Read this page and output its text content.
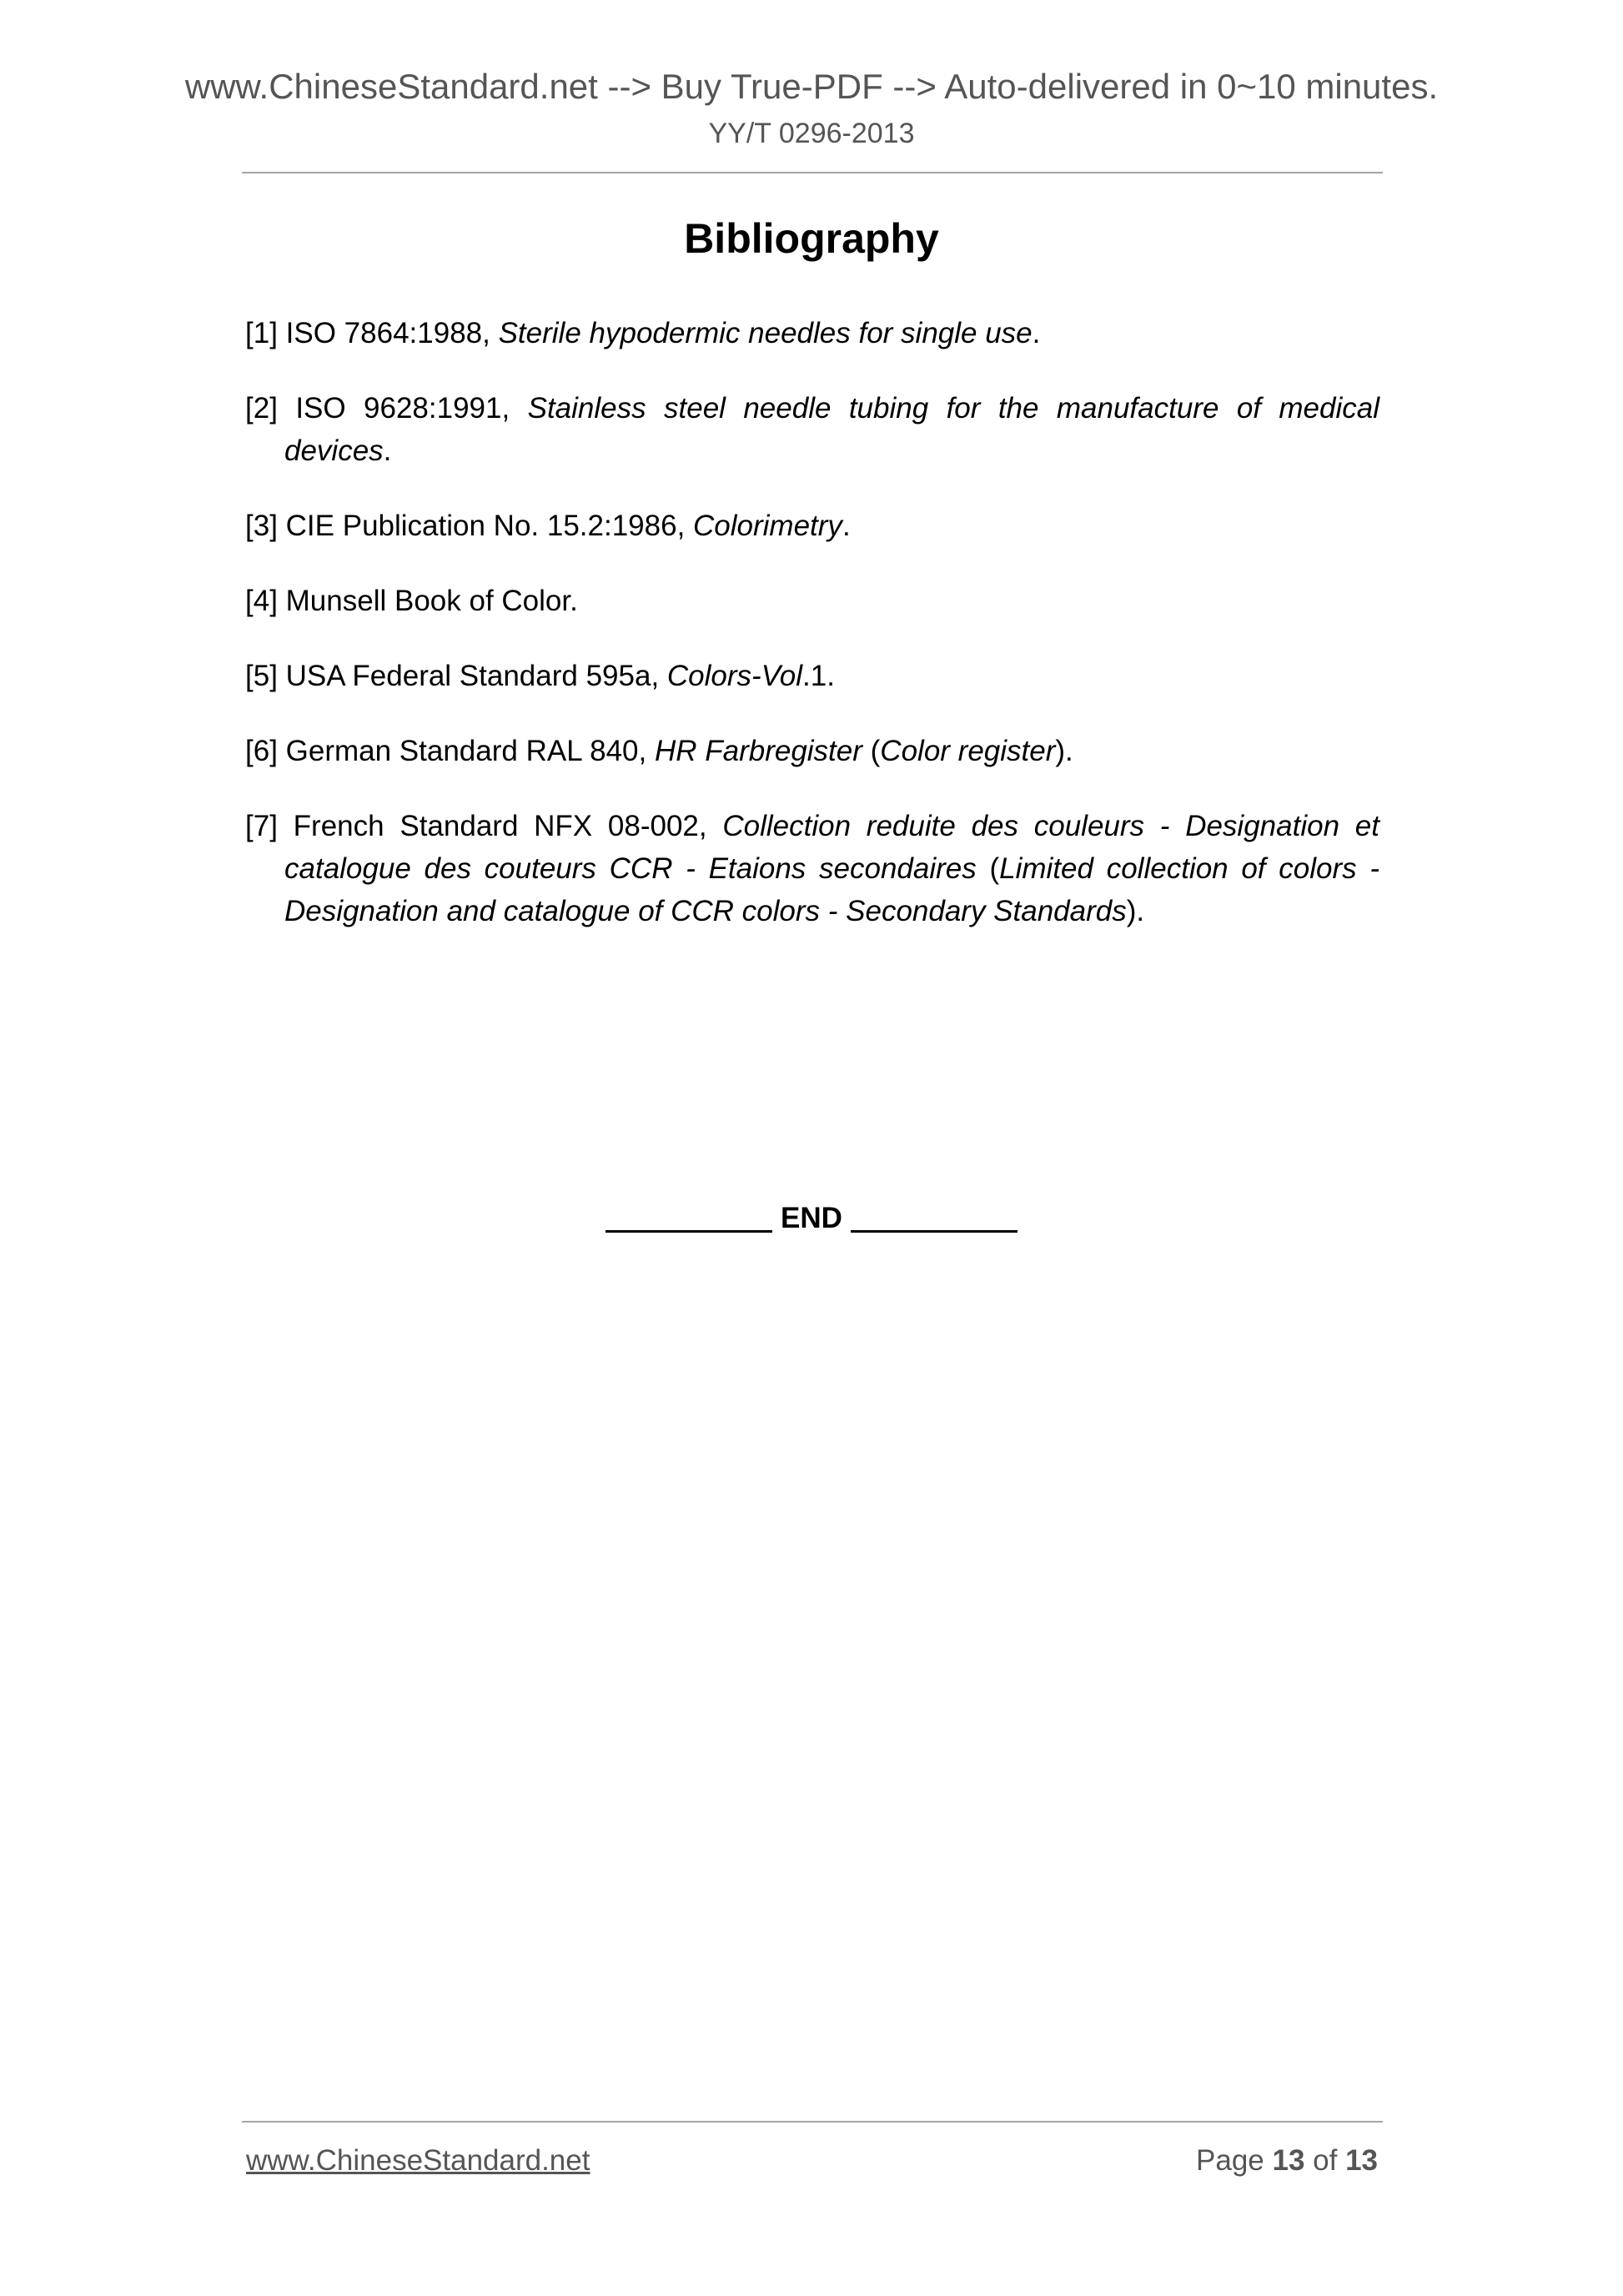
www.ChineseStandard.net --> Buy True-PDF --> Auto-delivered in 0~10 minutes.
YY/T 0296-2013
Bibliography

[1] ISO 7864:1988, Sterile hypodermic needles for single use.

[2] ISO 9628:1991, Stainless steel needle tubing for the manufacture of medical devices.

[3] CIE Publication No. 15.2:1986, Colorimetry.

[4] Munsell Book of Color.

[5] USA Federal Standard 595a, Colors-Vol.1.

[6] German Standard RAL 840, HR Farbregister (Color register).

[7] French Standard NFX 08-002, Collection reduite des couleurs - Designation et catalogue des couteurs CCR - Etaions secondaires (Limited collection of colors - Designation and catalogue of CCR colors - Secondary Standards).

END
www.ChineseStandard.net	Page 13 of 13
